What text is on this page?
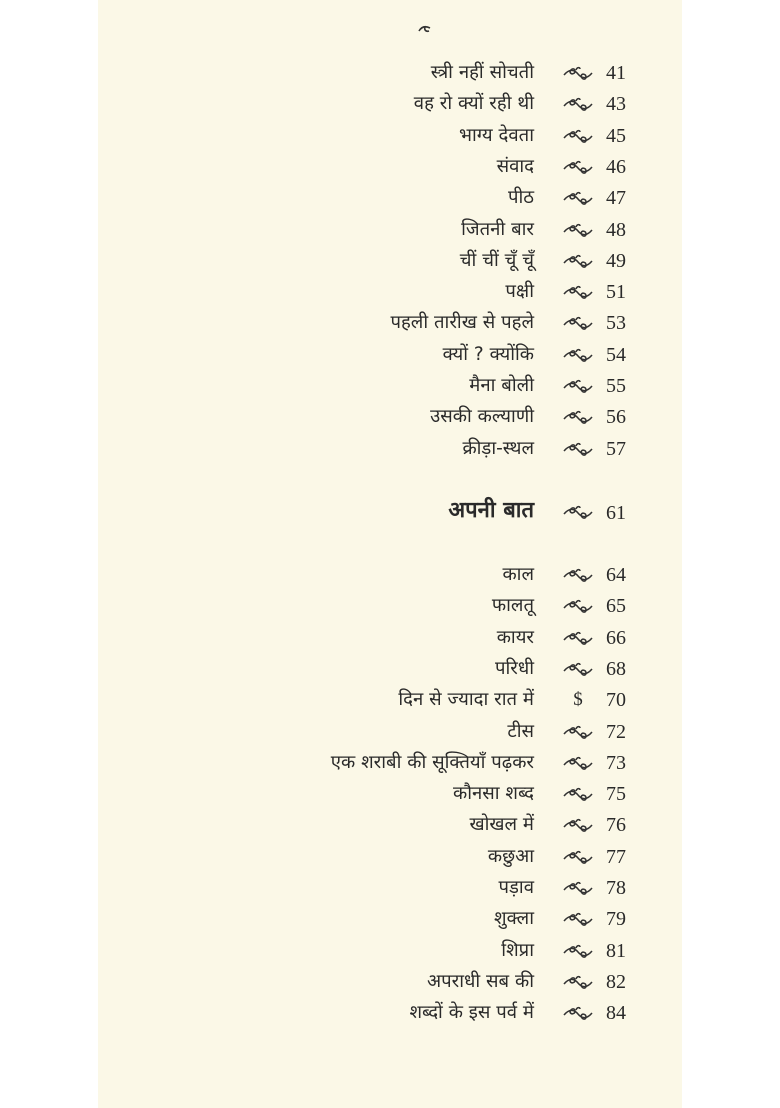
स्त्री नहीं सोचती	41
वह रो क्यों रही थी	43
भाग्य देवता	45
संवाद	46
पीठ	47
जितनी बार	48
चीं चीं चूँ चूँ	49
पक्षी	51
पहली तारीख से पहले	53
क्यों ? क्योंकि	54
मैना बोली	55
उसकी कल्याणी	56
क्रीड़ा-स्थल	57
अपनी बात	61
काल	64
फालतू	65
कायर	66
परिधी	68
दिन से ज्यादा रात में	$	70
टीस	72
एक शराबी की सूक्तियाँ पढ़कर	73
कौनसा शब्द	75
खोखल में	76
कछुआ	77
पड़ाव	78
शुक्ला	79
शिप्रा	81
अपराधी सब की	82
शब्दों के इस पर्व में	84
